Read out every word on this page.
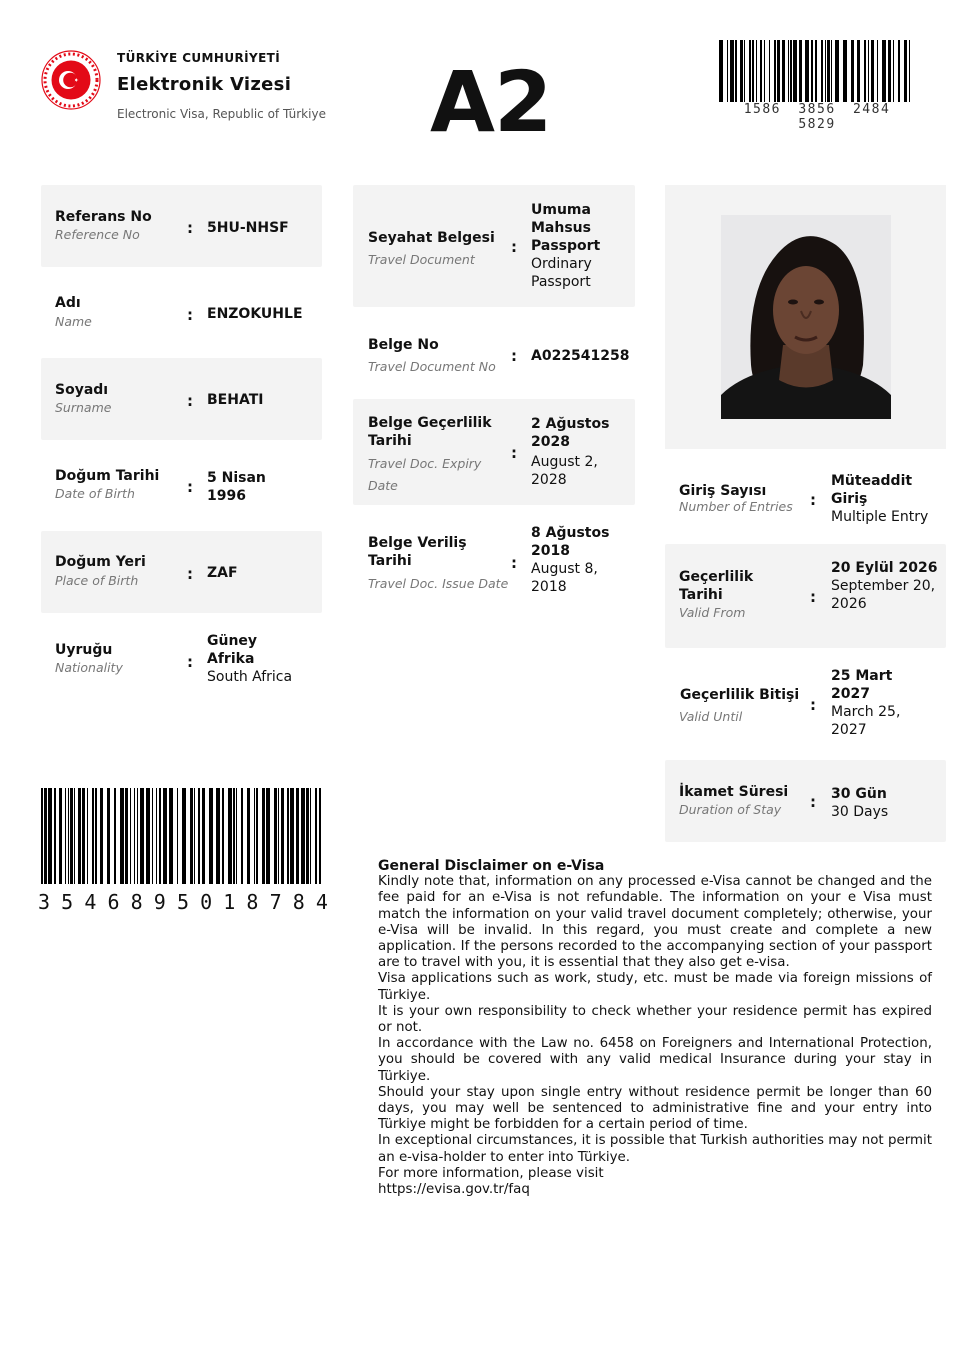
TÜRKİYE CUMHURİYETİ
Elektronik Vizesi
Electronic Visa, Republic of Türkiye A2	1586 3856 2484 5829
Referans No
Reference No	: 5HU-NHSF
Adı
Name	: ENZOKUHLE
Soyadı
Surname	: BEHATI
Doğum Tarihi
Date of Birth	: 5 Nisan 1996
Doğum Yeri
Place of Birth	: ZAF
Uyruğu
Nationality	:
Güney Afrika
South Africa
Seyahat Belgesi
Travel Document
:
Umuma Mahsus Passport
Ordinary Passport
Belge No
Travel Document No
: A022541258
Belge Geçerlilik Tarihi
Travel Doc. Expiry Date
:
2 Ağustos 2028
August 2, 2028
Belge Veriliş Tarihi
Travel Doc. Issue Date
:
8 Ağustos 2018
August 8, 2018
Giriş Sayısı
Number of Entries :
Müteaddit Giriş
Multiple Entry
Geçerlilik Tarihi
Valid From
:
20 Eylül 2026
September 20, 2026
Geçerlilik Bitişi
Valid Until
:
25 Mart 2027
March 25, 2027
İkamet Süresi
Duration of Stay : 30 Gün
30 Days
3 5 4 6 8 9 5 0 1 8 7 8 4
General Disclaimer on e-Visa
Kindly note that, information on any processed e-Visa cannot be changed and the fee paid for an e-Visa is not refundable. The information on your e Visa must match the information on your valid travel document completely; otherwise, your e-Visa will be invalid. In this regard, you must create and complete a new application. If the persons recorded to the accompanying section of your passport are to travel with you, it is essential that they also get e-visa.
Visa applications such as work, study, etc. must be made via foreign missions of Türkiye.
It is your own responsibility to check whether your residence permit has expired or not.
In accordance with the Law no. 6458 on Foreigners and International Protection, you should be covered with any valid medical Insurance during your stay in Türkiye.
Should your stay upon single entry without residence permit be longer than 60 days, you may well be sentenced to administrative fine and your entry into Türkiye might be forbidden for a certain period of time.
In exceptional circumstances, it is possible that Turkish authorities may not permit an e-visa-holder to enter into Türkiye.
For more information, please visit
https://evisa.gov.tr/faq
